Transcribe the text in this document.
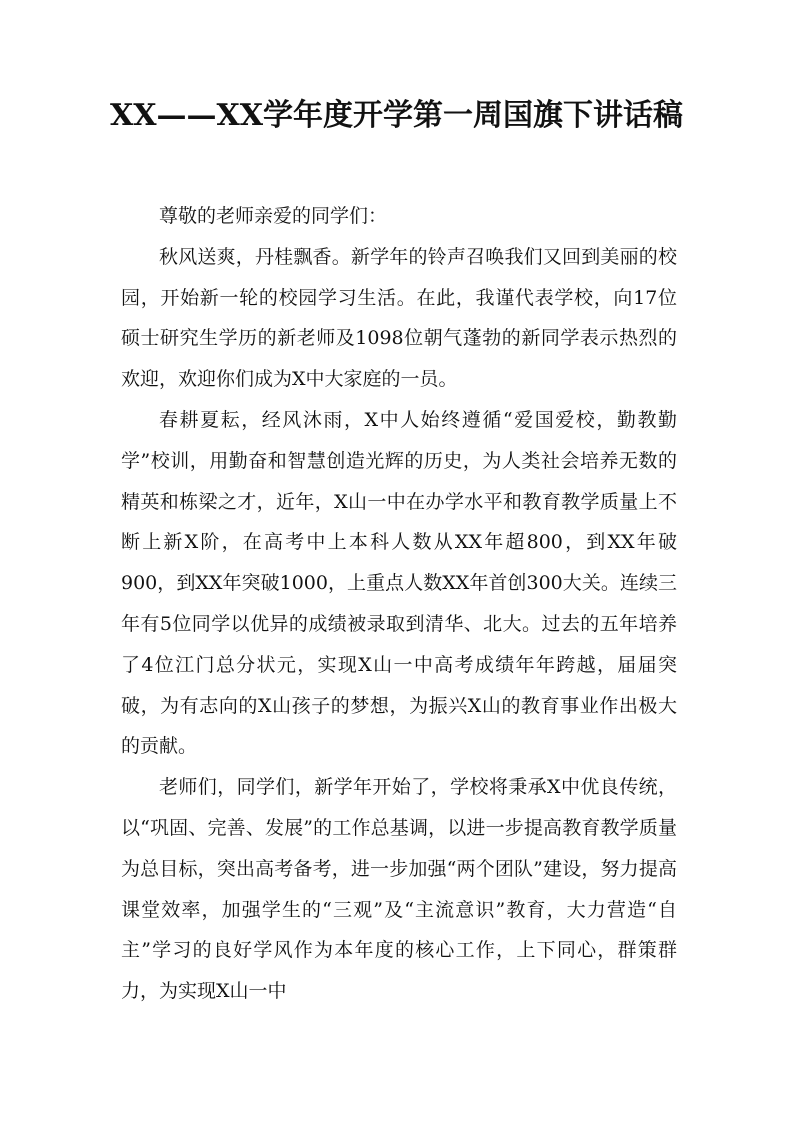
XX——XX学年度开学第一周国旗下讲话稿

尊敬的老师亲爱的同学们：

秋风送爽，丹桂飘香。新学年的铃声召唤我们又回到美丽的校园，开始新一轮的校园学习生活。在此，我谨代表学校，向17位硕士研究生学历的新老师及1098位朝气蓬勃的新同学表示热烈的欢迎，欢迎你们成为X中大家庭的一员。

春耕夏耘，经风沐雨，X中人始终遵循“爱国爱校，勤教勤学”校训，用勤奋和智慧创造光辉的历史，为人类社会培养无数的精英和栋梁之才，近年，X山一中在办学水平和教育教学质量上不断上新X阶，在高考中上本科人数从XX年超800，到XX年破900，到XX年突破1000，上重点人数XX年首创300大关。连续三年有5位同学以优异的成绩被录取到清华、北大。过去的五年培养了4位江门总分状元，实现X山一中高考成绩年年跨越，届届突破，为有志向的X山孩子的梦想，为振兴X山的教育事业作出极大的贡献。

老师们，同学们，新学年开始了，学校将秉承X中优良传统，以“巩固、完善、发展”的工作总基调，以进一步提高教育教学质量为总目标，突出高考备考，进一步加强“两个团队”建设，努力提高课堂效率，加强学生的“三观”及“主流意识”教育，大力营造“自主”学习的良好学风作为本年度的核心工作，上下同心，群策群力，为实现X山一中
